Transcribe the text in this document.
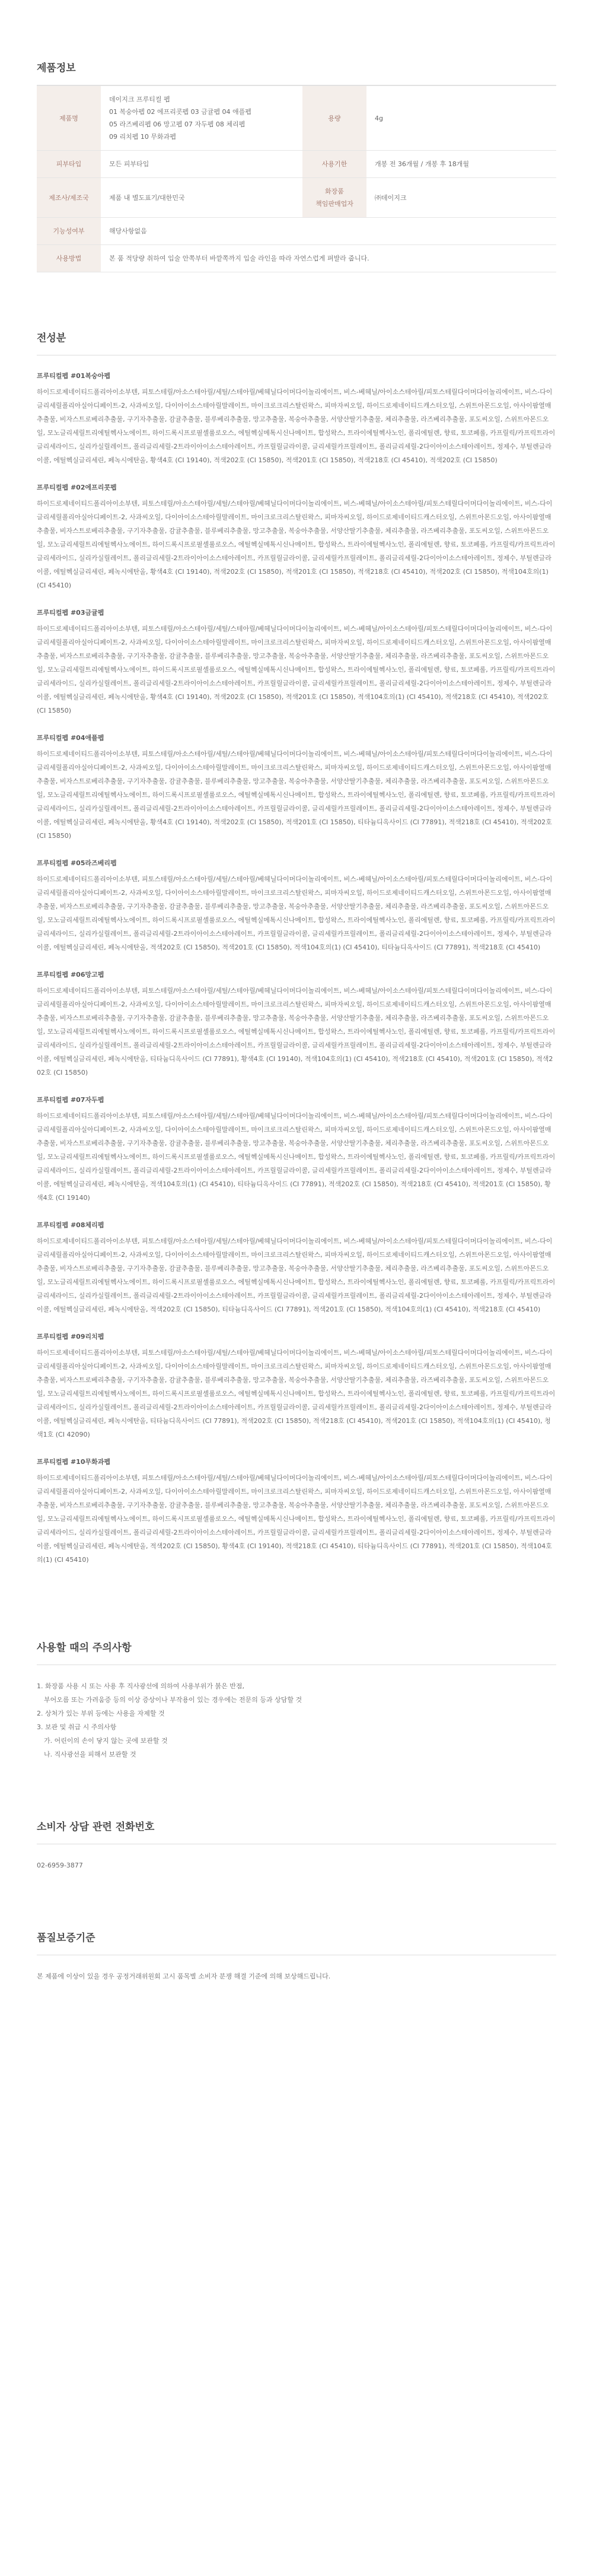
제품정보
제품명	데이지크 프루티컬 펩
01 복숭아펩 02 에프리콧펩 03 금귤펩 04 애플펩
05 라즈베리펩 06 망고펩 07 자두펩 08 체리펩
09 리치펩 10 무화과펩	용량	4g
피부타입	모든 피부타입	사용기한	개봉 전 36개월 / 개봉 후 18개월
제조사/제조국	제품 내 별도표기/대한민국	화장품
책임판매업자	㈜데이지크
기능성여부	해당사항없음		
사용방법	본 품 적당량 취하여 입술 안쪽부터 바깥쪽까지 입술 라인을 따라 자연스럽게 펴발라 줍니다.		
전성분
프루티컬펩 #01복숭아펩
하이드로제네이티드폴리아이소부텐, 피토스테릴/아소스테아릴/세틸/스테아릴/베헤닐다이머다이놀리에이트, 비스-베헤닐/아이소스테아릴/피토스테릴다이머다이놀리에이트, 비스-다이글리세릴폴리아실아디페이트-2, 사과씨오일, 다이아이소스테아릴말레이트, 마이크로크리스탈린왁스, 피마자씨오일, 하이드로제네이티드캐스터오일, 스위트아몬드오일, 아사이팜열매추출물, 비자스트로베리추출물, 구기자추출물, 감귤추출물, 블루베리추출물, 망고추출물, 복숭아추출물, 서양산딸기추출물, 체리추출물, 라즈베리추출물, 포도씨오일, 스위트아몬드오일, 모노글리세릴트리에틸헥사노에이트, 하이드록시프로필셀룰로오스, 에틸헥실메톡시신나메이트, 합성왁스, 트라이에틸헥사노인, 폴리에틸렌, 향료, 토코페롤, 카프릴릭/카프릭트라이글리세라이드, 실리카실릴레이트, 폴리글리세릴-2트라이아이소스테아레이트, 카프릴릴글라이콜, 글리세릴카프릴레이트, 폴리글리세릴-2다이아이소스테아레이트, 정제수, 부틸렌글라이콜, 에틸헥실글리세린, 페녹시에탄올, 황색4호 (CI 19140), 적색202호 (CI 15850), 적색201호 (CI 15850), 적색218호 (CI 45410), 적색202호 (CI 15850)
프루티컬펩 #02에프리콧펩
하이드로제네이티드폴리아이소부텐, 피토스테릴/아소스테아릴/세틸/스테아릴/베헤닐다이머다이놀리에이트, 비스-베헤닐/아이소스테아릴/피토스테릴다이머다이놀리에이트, 비스-다이글리세릴폴리아실아디페이트-2, 사과씨오일, 다이아이소스테아릴말레이트, 마이크로크리스탈린왁스, 피마자씨오일, 하이드로제네이티드캐스터오일, 스위트아몬드오일, 아사이팜열매추출물, 비자스트로베리추출물, 구기자추출물, 감귤추출물, 블루베리추출물, 망고추출물, 복숭아추출물, 서양산딸기추출물, 체리추출물, 라즈베리추출물, 포도씨오일, 스위트아몬드오일, 모노글리세릴트리에틸헥사노에이트, 하이드록시프로필셀룰로오스, 에틸헥실메톡시신나메이트, 합성왁스, 트라이에틸헥사노인, 폴리에틸렌, 향료, 토코페롤, 카프릴릭/카프릭트라이글리세라이드, 실리카실릴레이트, 폴리글리세릴-2트라이아이소스테아레이트, 카프릴릴글라이콜, 글리세릴카프릴레이트, 폴리글리세릴-2다이아이소스테아레이트, 정제수, 부틸렌글라이콜, 에틸헥실글리세린, 페녹시에탄올, 황색4호 (CI 19140), 적색202호 (CI 15850), 적색201호 (CI 15850), 적색218호 (CI 45410), 적색202호 (CI 15850), 적색104호의(1) (CI 45410)
프루티컬펩 #03금귤펩
하이드로제네이티드폴리아이소부텐, 피토스테릴/아소스테아릴/세틸/스테아릴/베헤닐다이머다이놀리에이트, 비스-베헤닐/아이소스테아릴/피토스테릴다이머다이놀리에이트, 비스-다이글리세릴폴리아실아디페이트-2, 사과씨오일, 다이아이소스테아릴말레이트, 마이크로크리스탈린왁스, 피마자씨오일, 하이드로제네이티드캐스터오일, 스위트아몬드오일, 아사이팜열매추출물, 비자스트로베리추출물, 구기자추출물, 감귤추출물, 블루베리추출물, 망고추출물, 복숭아추출물, 서양산딸기추출물, 체리추출물, 라즈베리추출물, 포도씨오일, 스위트아몬드오일, 모노글리세릴트리에틸헥사노에이트, 하이드록시프로필셀룰로오스, 에틸헥실메톡시신나메이트, 합성왁스, 트라이에틸헥사노인, 폴리에틸렌, 향료, 토코페롤, 카프릴릭/카프릭트라이글리세라이드, 실리카실릴레이트, 폴리글리세릴-2트라이아이소스테아레이트, 카프릴릴글라이콜, 글리세릴카프릴레이트, 폴리글리세릴-2다이아이소스테아레이트, 정제수, 부틸렌글라이콜, 에틸헥실글리세린, 페녹시에탄올, 황색4호 (CI 19140), 적색202호 (CI 15850), 적색201호 (CI 15850), 적색104호의(1) (CI 45410), 적색218호 (CI 45410), 적색202호 (CI 15850)
프루티컬펩 #04애플펩
하이드로제네이티드폴리아이소부텐, 피토스테릴/아소스테아릴/세틸/스테아릴/베헤닐다이머다이놀리에이트, 비스-베헤닐/아이소스테아릴/피토스테릴다이머다이놀리에이트, 비스-다이글리세릴폴리아실아디페이트-2, 사과씨오일, 다이아이소스테아릴말레이트, 마이크로크리스탈린왁스, 피마자씨오일, 하이드로제네이티드캐스터오일, 스위트아몬드오일, 아사이팜열매추출물, 비자스트로베리추출물, 구기자추출물, 감귤추출물, 블루베리추출물, 망고추출물, 복숭아추출물, 서양산딸기추출물, 체리추출물, 라즈베리추출물, 포도씨오일, 스위트아몬드오일, 모노글리세릴트리에틸헥사노에이트, 하이드록시프로필셀룰로오스, 에틸헥실메톡시신나메이트, 합성왁스, 트라이에틸헥사노인, 폴리에틸렌, 향료, 토코페롤, 카프릴릭/카프릭트라이글리세라이드, 실리카실릴레이트, 폴리글리세릴-2트라이아이소스테아레이트, 카프릴릴글라이콜, 글리세릴카프릴레이트, 폴리글리세릴-2다이아이소스테아레이트, 정제수, 부틸렌글라이콜, 에틸헥실글리세린, 페녹시에탄올, 황색4호 (CI 19140), 적색202호 (CI 15850), 적색201호 (CI 15850), 티타늄디옥사이드 (CI 77891), 적색218호 (CI 45410), 적색202호 (CI 15850)
프루티컬펩 #05라즈베리펩
하이드로제네이티드폴리아이소부텐, 피토스테릴/아소스테아릴/세틸/스테아릴/베헤닐다이머다이놀리에이트, 비스-베헤닐/아이소스테아릴/피토스테릴다이머다이놀리에이트, 비스-다이글리세릴폴리아실아디페이트-2, 사과씨오일, 다이아이소스테아릴말레이트, 마이크로크리스탈린왁스, 피마자씨오일, 하이드로제네이티드캐스터오일, 스위트아몬드오일, 아사이팜열매추출물, 비자스트로베리추출물, 구기자추출물, 감귤추출물, 블루베리추출물, 망고추출물, 복숭아추출물, 서양산딸기추출물, 체리추출물, 라즈베리추출물, 포도씨오일, 스위트아몬드오일, 모노글리세릴트리에틸헥사노에이트, 하이드록시프로필셀룰로오스, 에틸헥실메톡시신나메이트, 합성왁스, 트라이에틸헥사노인, 폴리에틸렌, 향료, 토코페롤, 카프릴릭/카프릭트라이글리세라이드, 실리카실릴레이트, 폴리글리세릴-2트라이아이소스테아레이트, 카프릴릴글라이콜, 글리세릴카프릴레이트, 폴리글리세릴-2다이아이소스테아레이트, 정제수, 부틸렌글라이콜, 에틸헥실글리세린, 페녹시에탄올, 적색202호 (CI 15850), 적색201호 (CI 15850), 적색104호의(1) (CI 45410), 티타늄디옥사이드 (CI 77891), 적색218호 (CI 45410)
프루티컬펩 #06망고펩
하이드로제네이티드폴리아이소부텐, 피토스테릴/아소스테아릴/세틸/스테아릴/베헤닐다이머다이놀리에이트, 비스-베헤닐/아이소스테아릴/피토스테릴다이머다이놀리에이트, 비스-다이글리세릴폴리아실아디페이트-2, 사과씨오일, 다이아이소스테아릴말레이트, 마이크로크리스탈린왁스, 피마자씨오일, 하이드로제네이티드캐스터오일, 스위트아몬드오일, 아사이팜열매추출물, 비자스트로베리추출물, 구기자추출물, 감귤추출물, 블루베리추출물, 망고추출물, 복숭아추출물, 서양산딸기추출물, 체리추출물, 라즈베리추출물, 포도씨오일, 스위트아몬드오일, 모노글리세릴트리에틸헥사노에이트, 하이드록시프로필셀룰로오스, 에틸헥실메톡시신나메이트, 합성왁스, 트라이에틸헥사노인, 폴리에틸렌, 향료, 토코페롤, 카프릴릭/카프릭트라이글리세라이드, 실리카실릴레이트, 폴리글리세릴-2트라이아이소스테아레이트, 카프릴릴글라이콜, 글리세릴카프릴레이트, 폴리글리세릴-2다이아이소스테아레이트, 정제수, 부틸렌글라이콜, 에틸헥실글리세린, 페녹시에탄올, 티타늄디옥사이드 (CI 77891), 황색4호 (CI 19140), 적색104호의(1) (CI 45410), 적색218호 (CI 45410), 적색201호 (CI 15850), 적색202호 (CI 15850)
프루티컬펩 #07자두펩
하이드로제네이티드폴리아이소부텐, 피토스테릴/아소스테아릴/세틸/스테아릴/베헤닐다이머다이놀리에이트, 비스-베헤닐/아이소스테아릴/피토스테릴다이머다이놀리에이트, 비스-다이글리세릴폴리아실아디페이트-2, 사과씨오일, 다이아이소스테아릴말레이트, 마이크로크리스탈린왁스, 피마자씨오일, 하이드로제네이티드캐스터오일, 스위트아몬드오일, 아사이팜열매추출물, 비자스트로베리추출물, 구기자추출물, 감귤추출물, 블루베리추출물, 망고추출물, 복숭아추출물, 서양산딸기추출물, 체리추출물, 라즈베리추출물, 포도씨오일, 스위트아몬드오일, 모노글리세릴트리에틸헥사노에이트, 하이드록시프로필셀룰로오스, 에틸헥실메톡시신나메이트, 합성왁스, 트라이에틸헥사노인, 폴리에틸렌, 향료, 토코페롤, 카프릴릭/카프릭트라이글리세라이드, 실리카실릴레이트, 폴리글리세릴-2트라이아이소스테아레이트, 카프릴릴글라이콜, 글리세릴카프릴레이트, 폴리글리세릴-2다이아이소스테아레이트, 정제수, 부틸렌글라이콜, 에틸헥실글리세린, 페녹시에탄올, 적색104호의(1) (CI 45410), 티타늄디옥사이드 (CI 77891), 적색202호 (CI 15850), 적색218호 (CI 45410), 적색201호 (CI 15850), 황색4호 (CI 19140)
프루티컬펩 #08체리펩
하이드로제네이티드폴리아이소부텐, 피토스테릴/아소스테아릴/세틸/스테아릴/베헤닐다이머다이놀리에이트, 비스-베헤닐/아이소스테아릴/피토스테릴다이머다이놀리에이트, 비스-다이글리세릴폴리아실아디페이트-2, 사과씨오일, 다이아이소스테아릴말레이트, 마이크로크리스탈린왁스, 피마자씨오일, 하이드로제네이티드캐스터오일, 스위트아몬드오일, 아사이팜열매추출물, 비자스트로베리추출물, 구기자추출물, 감귤추출물, 블루베리추출물, 망고추출물, 복숭아추출물, 서양산딸기추출물, 체리추출물, 라즈베리추출물, 포도씨오일, 스위트아몬드오일, 모노글리세릴트리에틸헥사노에이트, 하이드록시프로필셀룰로오스, 에틸헥실메톡시신나메이트, 합성왁스, 트라이에틸헥사노인, 폴리에틸렌, 향료, 토코페롤, 카프릴릭/카프릭트라이글리세라이드, 실리카실릴레이트, 폴리글리세릴-2트라이아이소스테아레이트, 카프릴릴글라이콜, 글리세릴카프릴레이트, 폴리글리세릴-2다이아이소스테아레이트, 정제수, 부틸렌글라이콜, 에틸헥실글리세린, 페녹시에탄올, 적색202호 (CI 15850), 티타늄디옥사이드 (CI 77891), 적색201호 (CI 15850), 적색104호의(1) (CI 45410), 적색218호 (CI 45410)
프루티컬펩 #09리치펩
하이드로제네이티드폴리아이소부텐, 피토스테릴/아소스테아릴/세틸/스테아릴/베헤닐다이머다이놀리에이트, 비스-베헤닐/아이소스테아릴/피토스테릴다이머다이놀리에이트, 비스-다이글리세릴폴리아실아디페이트-2, 사과씨오일, 다이아이소스테아릴말레이트, 마이크로크리스탈린왁스, 피마자씨오일, 하이드로제네이티드캐스터오일, 스위트아몬드오일, 아사이팜열매추출물, 비자스트로베리추출물, 구기자추출물, 감귤추출물, 블루베리추출물, 망고추출물, 복숭아추출물, 서양산딸기추출물, 체리추출물, 라즈베리추출물, 포도씨오일, 스위트아몬드오일, 모노글리세릴트리에틸헥사노에이트, 하이드록시프로필셀룰로오스, 에틸헥실메톡시신나메이트, 합성왁스, 트라이에틸헥사노인, 폴리에틸렌, 향료, 토코페롤, 카프릴릭/카프릭트라이글리세라이드, 실리카실릴레이트, 폴리글리세릴-2트라이아이소스테아레이트, 카프릴릴글라이콜, 글리세릴카프릴레이트, 폴리글리세릴-2다이아이소스테아레이트, 정제수, 부틸렌글라이콜, 에틸헥실글리세린, 페녹시에탄올, 티타늄디옥사이드 (CI 77891), 적색202호 (CI 15850), 적색218호 (CI 45410), 적색201호 (CI 15850), 적색104호의(1) (CI 45410), 청색1호 (CI 42090)
프루티컬펩 #10무화과펩
하이드로제네이티드폴리아이소부텐, 피토스테릴/아소스테아릴/세틸/스테아릴/베헤닐다이머다이놀리에이트, 비스-베헤닐/아이소스테아릴/피토스테릴다이머다이놀리에이트, 비스-다이글리세릴폴리아실아디페이트-2, 사과씨오일, 다이아이소스테아릴말레이트, 마이크로크리스탈린왁스, 피마자씨오일, 하이드로제네이티드캐스터오일, 스위트아몬드오일, 아사이팜열매추출물, 비자스트로베리추출물, 구기자추출물, 감귤추출물, 블루베리추출물, 망고추출물, 복숭아추출물, 서양산딸기추출물, 체리추출물, 라즈베리추출물, 포도씨오일, 스위트아몬드오일, 모노글리세릴트리에틸헥사노에이트, 하이드록시프로필셀룰로오스, 에틸헥실메톡시신나메이트, 합성왁스, 트라이에틸헥사노인, 폴리에틸렌, 향료, 토코페롤, 카프릴릭/카프릭트라이글리세라이드, 실리카실릴레이트, 폴리글리세릴-2트라이아이소스테아레이트, 카프릴릴글라이콜, 글리세릴카프릴레이트, 폴리글리세릴-2다이아이소스테아레이트, 정제수, 부틸렌글라이콜, 에틸헥실글리세린, 페녹시에탄올, 적색202호 (CI 15850), 황색4호 (CI 19140), 적색218호 (CI 45410), 티타늄디옥사이드 (CI 77891), 적색201호 (CI 15850), 적색104호의(1) (CI 45410)
사용할 때의 주의사항
1. 화장품 사용 시 또는 사용 후 직사광선에 의하여 사용부위가 붉은 반점,
부어오름 또는 가려움증 등의 이상 증상이나 부작용이 있는 경우에는 전문의 등과 상담할 것
2. 상처가 있는 부위 등에는 사용을 자제할 것
3. 보관 및 취급 시 주의사항
가. 어린이의 손이 닿지 않는 곳에 보관할 것
나. 직사광선을 피해서 보관할 것
소비자 상담 관련 전화번호
02-6959-3877
품질보증기준
본 제품에 이상이 있을 경우 공정거래위원회 고시 품목별 소비자 분쟁 해결 기준에 의해 보상해드립니다.
